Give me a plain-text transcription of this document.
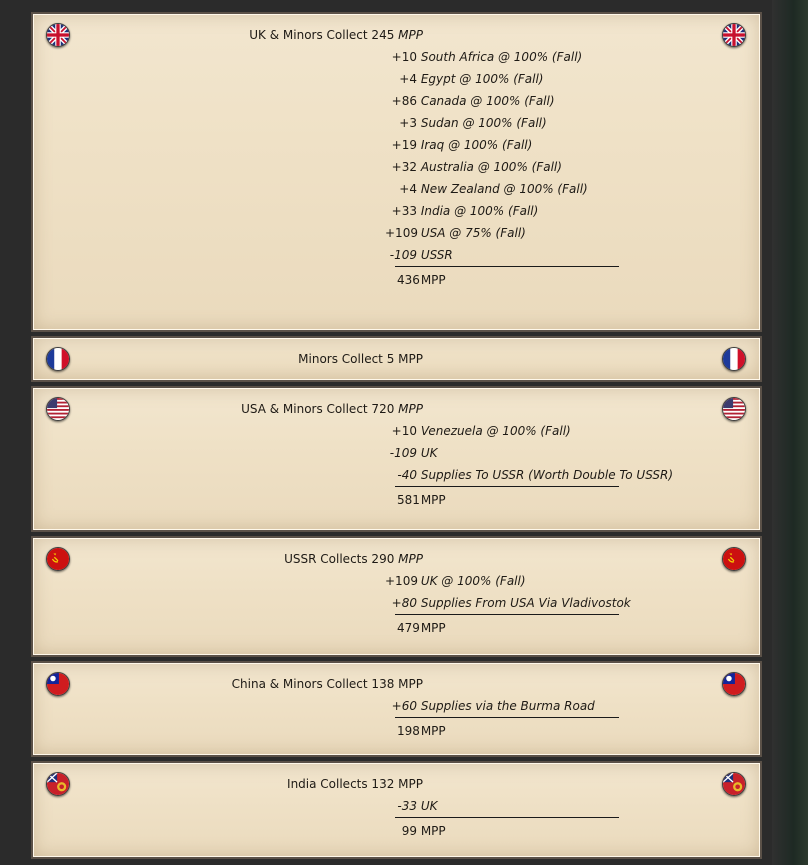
UK & Minors Collect 245 MPP
+10 South Africa @ 100% (Fall)
+4 Egypt @ 100% (Fall)
+86 Canada @ 100% (Fall)
+3 Sudan @ 100% (Fall)
+19 Iraq @ 100% (Fall)
+32 Australia @ 100% (Fall)
+4 New Zealand @ 100% (Fall)
+33 India @ 100% (Fall)
+109 USA @ 75% (Fall)
-109 USSR
436 MPP
Minors Collect 5 MPP
USA & Minors Collect 720 MPP
+10 Venezuela @ 100% (Fall)
-109 UK
-40 Supplies To USSR (Worth Double To USSR)
581 MPP
USSR Collects 290 MPP
+109 UK @ 100% (Fall)
+80 Supplies From USA Via Vladivostok
479 MPP
China & Minors Collect 138 MPP
+60 Supplies via the Burma Road
198 MPP
India Collects 132 MPP
-33 UK
99 MPP
